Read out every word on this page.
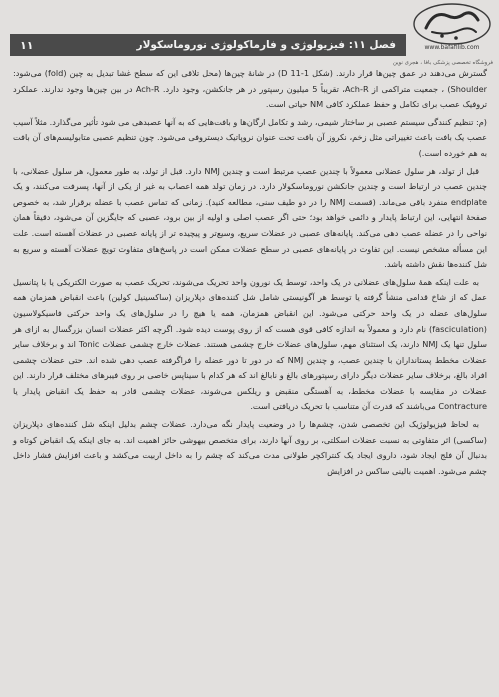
www.bafafilib.com
فصل ۱۱: فیزیولوژی و فارماکولوژی نوروماسکولار
۱۱
فروشگاه تخصصی پزشکی بافا ، هجری نوین

گسترش می‌دهند در عمق چین‌ها قرار دارند. (شکل D 11-1) در شانهٔ چین‌ها (محل تلاقی این که سطح غشا تبدیل به چین (fold) می‌شود: Shoulder) ، جمعیت متراکمی از Ach-R، تقریباً 5 میلیون رسپتور در هر جانکشن، وجود دارد. Ach-R در بین چین‌ها وجود ندارند. عملکرد تروفیک عصب برای تکامل و حفظ عملکرد کافی NM حیاتی است.

(م: تنظیم کنندگی سیستم عصبی بر ساختار شیمی، رشد و تکامل ارگان‌ها و بافت‌هایی که به آنها عصبدهی می شود تأثیر می‌گذارد. مثلاً آسیب عصب یک بافت باعث تغییراتی مثل زخم، نکروز آن بافت تحت عنوان نروپاتیک دیستروفی می‌شود. چون تنظیم عصبی متابولیسم‌های آن بافت به هم خورده است.)

قبل از تولد، هر سلول عضلانی معمولاً با چندین عصب مرتبط است و چندین NMJ دارد. قبل از تولد، به طور معمول، هر سلول عضلانی، با چندین عصب در ارتباط است و چندین جانکشن نوروماسکولار دارد. در زمان تولد همه اعصاب به غیر از یکی از آنها، پسرفت می‌کنند، و یک endplate منفرد باقی می‌ماند. (قسمت NMJ را در دو طیف سنی، مطالعه کنید). زمانی که تماس عصب با عضله برقرار شد، به خصوص صفحهٔ انتهایی، این ارتباط پایدار و دائمی خواهد بود؛ حتی اگر عصب اصلی و اولیه از بین برود، عصبی که جایگزین آن می‌شود، دقیقاً همان نواحی را در عضله عصب دهی می‌کند. پایانه‌های عصبی در عضلات سریع، وسیع‌تر و پیچیده تر از پایانه عصبی در عضلات آهسته است. علت این مسأله مشخص نیست. این تفاوت در پایانه‌های عصبی در سطح عضلات ممکن است در پاسخ‌های متفاوت تویچ عضلات آهسته و سریع به شل کننده‌ها نقش داشته باشد.

به علت اینکه همهٔ سلول‌های عضلانی در یک واحد، توسط یک نورون واحد تحریک می‌شوند، تحریک عصب به صورت الکتریکی یا با پتانسیل عمل که از شاخ قدامی منشأ گرفته یا توسط هر آگونیستی شامل شل کننده‌های دپلاریزان (ساکسینیل کولین) باعث انقباض همزمان همه سلول‌های عضله در یک واحد حرکتی می‌شود. این انقباض همزمان، همه یا هیچ را در سلول‌های یک واحد حرکتی فاسیکولاسیون (fasciculation) نام دارد و معمولاً به اندازه کافی قوی هست که از روی پوست دیده شود. اگرچه اکثر عضلات انسان بزرگسال به ازای هر سلول تنها یک NMJ دارند، یک استثنای مهم، سلول‌های عضلات خارج چشمی هستند. عضلات خارج چشمی عضلات Tonic اند و برخلاف سایر عضلات مخطط پستانداران با چندین عصب، و چندین NMJ که در دور تا دور عضله را فراگرفته عصب دهی شده اند. حتی عضلات چشمی افراد بالغ، برخلاف سایر عضلات دیگر دارای رسپتورهای بالغ و نابالغ اند که هر کدام با سیناپس خاصی بر روی فیبرهای مختلف قرار دارند. این عضلات در مقایسه با عضلات مخطط، به آهستگی منقبض و ریلکس می‌شوند، عضلات چشمی قادر به حفظ یک انقباض پایدار یا Contracture می‌باشند که قدرت آن متناسب با تحریک دریافتی است.

به لحاظ فیزیولوژیک این تخصصی شدن، چشم‌ها را در وضعیت پایدار نگه می‌دارد. عضلات چشم بدلیل اینکه شل کننده‌های دپلاریزان (ساکسی) اثر متفاوتی به نسبت عضلات اسکلتی، بر روی آنها دارند، برای متخصص بیهوشی حائز اهمیت اند. به جای اینکه یک انقباض کوتاه و بدنبال آن فلج ایجاد شود، داروی ایجاد یک کنتراکچر طولانی مدت می‌کند که چشم را به داخل اربیت می‌کشد و باعث افزایش فشار داخل چشم می‌شود. اهمیت بالینی ساکس در افزایش
